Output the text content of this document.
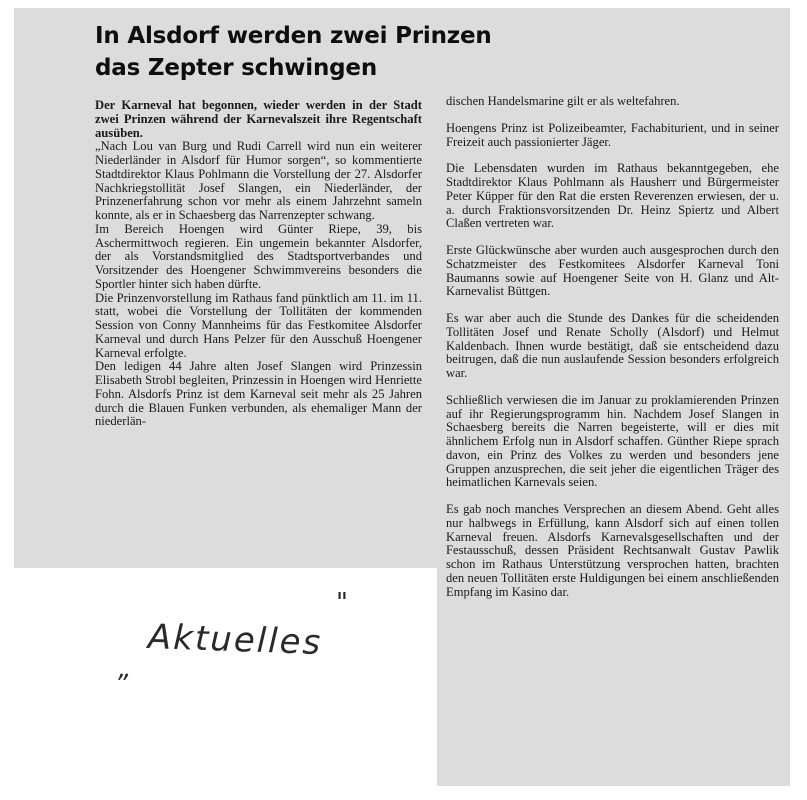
In Alsdorf werden zwei Prinzen
das Zepter schwingen

Der Karneval hat begonnen, wieder werden in der Stadt zwei Prinzen während der Karnevalszeit ihre Regentschaft ausüben.

„Nach Lou van Burg und Rudi Carrell wird nun ein weiterer Niederländer in Alsdorf für Humor sorgen“, so kommentierte Stadtdirektor Klaus Pohlmann die Vorstellung der 27. Alsdorfer Nachkriegstollität Josef Slangen, ein Niederländer, der Prinzenerfahrung schon vor mehr als einem Jahrzehnt sameln konnte, als er in Schaesberg das Narrenzepter schwang.

Im Bereich Hoengen wird Günter Riepe, 39, bis Aschermittwoch regieren. Ein ungemein bekannter Alsdorfer, der als Vorstandsmitglied des Stadtsportverbandes und Vorsitzender des Hoengener Schwimmvereins besonders die Sportler hinter sich haben dürfte.

Die Prinzenvorstellung im Rathaus fand pünktlich am 11. im 11. statt, wobei die Vorstellung der Tollitäten der kommenden Session von Conny Mannheims für das Festkomitee Alsdorfer Karneval und durch Hans Pelzer für den Ausschuß Hoengener Karneval erfolgte.

Den ledigen 44 Jahre alten Josef Slangen wird Prinzessin Elisabeth Strobl begleiten, Prinzessin in Hoengen wird Henriette Fohn. Alsdorfs Prinz ist dem Karneval seit mehr als 25 Jahren durch die Blauen Funken verbunden, als ehemaliger Mann der niederlän-

dischen Handelsmarine gilt er als weltefahren.

Hoengens Prinz ist Polizeibeamter, Fachabiturient, und in seiner Freizeit auch passionierter Jäger.

Die Lebensdaten wurden im Rathaus bekanntgegeben, ehe Stadtdirektor Klaus Pohlmann als Hausherr und Bürgermeister Peter Küpper für den Rat die ersten Reverenzen erwiesen, der u. a. durch Fraktionsvorsitzenden Dr. Heinz Spiertz und Albert Claßen vertreten war.

Erste Glückwünsche aber wurden auch ausgesprochen durch den Schatzmeister des Festkomitees Alsdorfer Karneval Toni Baumanns sowie auf Hoengener Seite von H. Glanz und Alt-Karnevalist Büttgen.

Es war aber auch die Stunde des Dankes für die scheidenden Tollitäten Josef und Renate Scholly (Alsdorf) und Helmut Kaldenbach. Ihnen wurde bestätigt, daß sie entscheidend dazu beitrugen, daß die nun auslaufende Session besonders erfolgreich war.

Schließlich verwiesen die im Januar zu proklamierenden Prinzen auf ihr Regierungsprogramm hin. Nachdem Josef Slangen in Schaesberg bereits die Narren begeisterte, will er dies mit ähnlichem Erfolg nun in Alsdorf schaffen. Günther Riepe sprach davon, ein Prinz des Volkes zu werden und besonders jene Gruppen anzusprechen, die seit jeher die eigentlichen Träger des heimatlichen Karnevals seien.

Es gab noch manches Versprechen an diesem Abend. Geht alles nur halbwegs in Erfüllung, kann Alsdorf sich auf einen tollen Karneval freuen. Alsdorfs Karnevalsgesellschaften und der Festausschuß, dessen Präsident Rechtsanwalt Gustav Pawlik schon im Rathaus Unterstützung versprochen hatten, brachten den neuen Tollitäten erste Huldigungen bei einem anschließenden Empfang im Kasino dar.

„
Aktuelles
"
